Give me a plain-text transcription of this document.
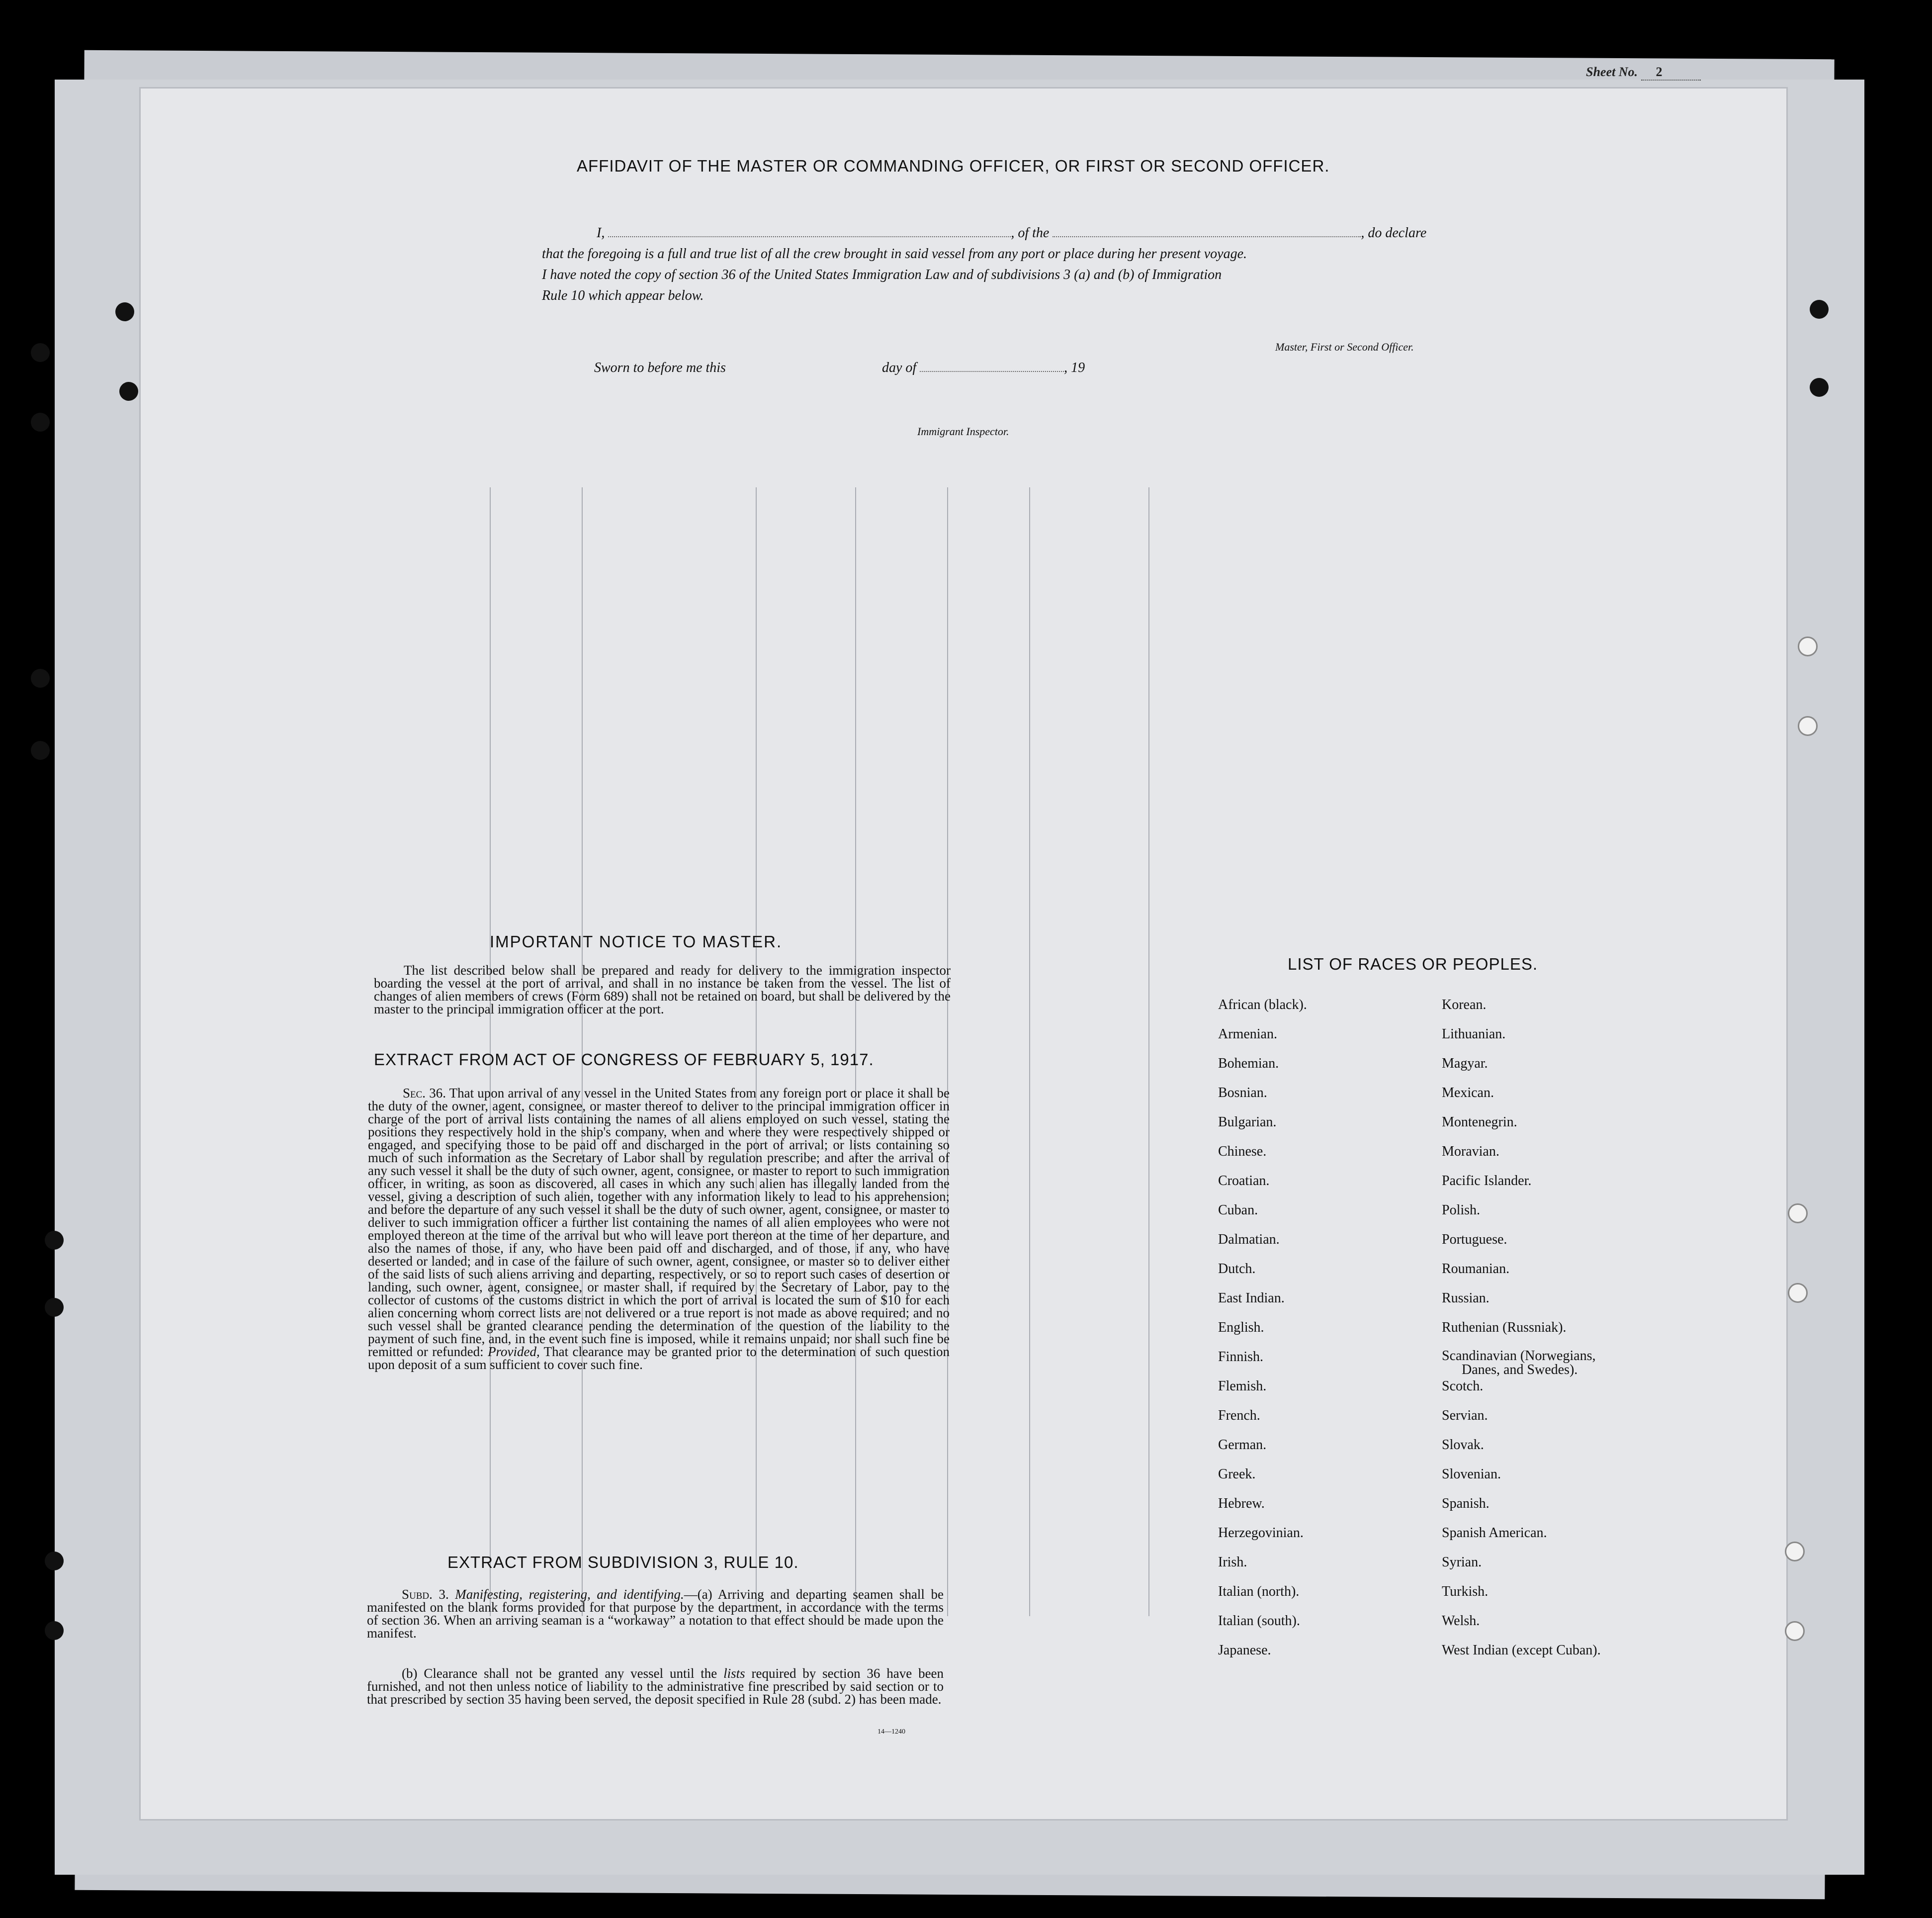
Sheet No. 2
AFFIDAVIT OF THE MASTER OR COMMANDING OFFICER, OR FIRST OR SECOND OFFICER.
I,	, of the	, do declare
that the foregoing is a full and true list of all the crew brought in said vessel from any port or place during her present voyage.
I have noted the copy of section 36 of the United States Immigration Law and of subdivisions 3 (a) and (b) of Immigration
Rule 10 which appear below.
Master, First or Second Officer.
Sworn to before me this	day of	, 19
Immigrant Inspector.
IMPORTANT NOTICE TO MASTER.
The list described below shall be prepared and ready for delivery to the immigration inspector boarding the vessel at the port of arrival, and shall in no instance be taken from the vessel. The list of changes of alien members of crews (Form 689) shall not be retained on board, but shall be delivered by the master to the principal immigration officer at the port.
EXTRACT FROM ACT OF CONGRESS OF FEBRUARY 5, 1917.
Sec. 36. That upon arrival of any vessel in the United States from any foreign port or place it shall be the duty of the owner, agent, consignee, or master thereof to deliver to the principal immigration officer in charge of the port of arrival lists containing the names of all aliens employed on such vessel, stating the positions they respectively hold in the ship's company, when and where they were respectively shipped or engaged, and specifying those to be paid off and discharged in the port of arrival; or lists containing so much of such information as the Secretary of Labor shall by regulation prescribe; and after the arrival of any such vessel it shall be the duty of such owner, agent, consignee, or master to report to such immigration officer, in writing, as soon as discovered, all cases in which any such alien has illegally landed from the vessel, giving a description of such alien, together with any information likely to lead to his apprehension; and before the departure of any such vessel it shall be the duty of such owner, agent, consignee, or master to deliver to such immigration officer a further list containing the names of all alien employees who were not employed thereon at the time of the arrival but who will leave port thereon at the time of her departure, and also the names of those, if any, who have been paid off and discharged, and of those, if any, who have deserted or landed; and in case of the failure of such owner, agent, consignee, or master so to deliver either of the said lists of such aliens arriving and departing, respectively, or so to report such cases of desertion or landing, such owner, agent, consignee, or master shall, if required by the Secretary of Labor, pay to the collector of customs of the customs district in which the port of arrival is located the sum of $10 for each alien concerning whom correct lists are not delivered or a true report is not made as above required; and no such vessel shall be granted clearance pending the determination of the question of the liability to the payment of such fine, and, in the event such fine is imposed, while it remains unpaid; nor shall such fine be remitted or refunded: Provided, That clearance may be granted prior to the determination of such question upon deposit of a sum sufficient to cover such fine.
EXTRACT FROM SUBDIVISION 3, RULE 10.
Subd. 3. Manifesting, registering, and identifying.—(a) Arriving and departing seamen shall be manifested on the blank forms provided for that purpose by the department, in accordance with the terms of section 36. When an arriving seaman is a “workaway” a notation to that effect should be made upon the manifest.
(b) Clearance shall not be granted any vessel until the lists required by section 36 have been furnished, and not then unless notice of liability to the administrative fine prescribed by said section or to that prescribed by section 35 having been served, the deposit specified in Rule 28 (subd. 2) has been made.
14—1240
LIST OF RACES OR PEOPLES.
African (black).
Armenian.
Bohemian.
Bosnian.
Bulgarian.
Chinese.
Croatian.
Cuban.
Dalmatian.
Dutch.
East Indian.
English.
Finnish.
Flemish.
French.
German.
Greek.
Hebrew.
Herzegovinian.
Irish.
Italian (north).
Italian (south).
Japanese.
Korean.
Lithuanian.
Magyar.
Mexican.
Montenegrin.
Moravian.
Pacific Islander.
Polish.
Portuguese.
Roumanian.
Russian.
Ruthenian (Russniak).
Scandinavian (Norwegians,
Danes, and Swedes).
Scotch.
Servian.
Slovak.
Slovenian.
Spanish.
Spanish American.
Syrian.
Turkish.
Welsh.
West Indian (except Cuban).
